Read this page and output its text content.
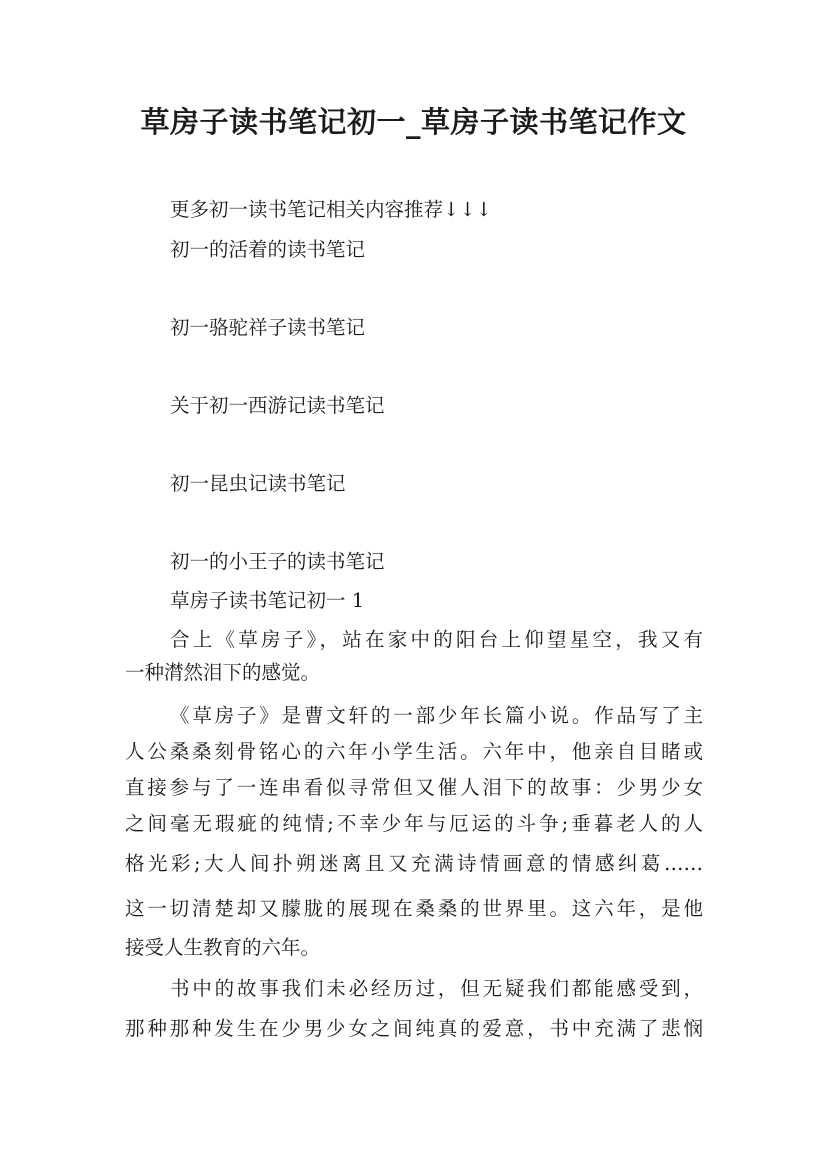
草房子读书笔记初一_草房子读书笔记作文
更多初一读书笔记相关内容推荐↓↓↓
初一的活着的读书笔记
初一骆驼祥子读书笔记
关于初一西游记读书笔记
初一昆虫记读书笔记
初一的小王子的读书笔记
草房子读书笔记初一 1
合上《草房子》，站在家中的阳台上仰望星空，我又有
一种潸然泪下的感觉。
《草房子》是曹文轩的一部少年长篇小说。作品写了主
人公桑桑刻骨铭心的六年小学生活。六年中，他亲自目睹或
直接参与了一连串看似寻常但又催人泪下的故事：少男少女
之间毫无瑕疵的纯情;不幸少年与厄运的斗争;垂暮老人的人
格光彩;大人间扑朔迷离且又充满诗情画意的情感纠葛……
这一切清楚却又朦胧的展现在桑桑的世界里。这六年，是他
接受人生教育的六年。
书中的故事我们未必经历过，但无疑我们都能感受到，
那种那种发生在少男少女之间纯真的爱意，书中充满了悲悯
